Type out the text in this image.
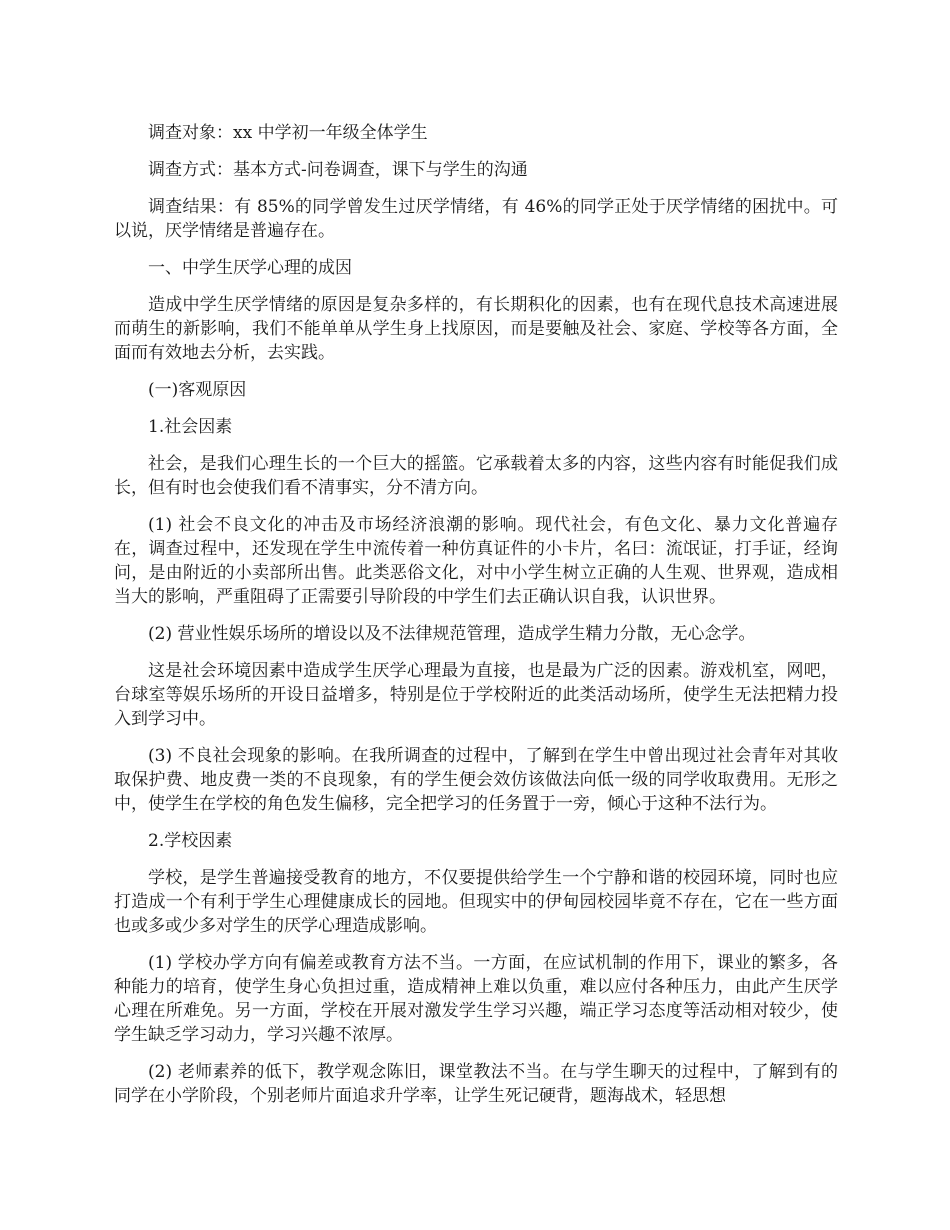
调查对象：xx 中学初一年级全体学生

调查方式：基本方式-问卷调查，课下与学生的沟通

调查结果：有 85%的同学曾发生过厌学情绪，有 46%的同学正处于厌学情绪的困扰中。可以说，厌学情绪是普遍存在。

一、中学生厌学心理的成因

造成中学生厌学情绪的原因是复杂多样的，有长期积化的因素，也有在现代息技术高速进展而萌生的新影响，我们不能单单从学生身上找原因，而是要触及社会、家庭、学校等各方面，全面而有效地去分析，去实践。

(一)客观原因

1.社会因素

社会，是我们心理生长的一个巨大的摇篮。它承载着太多的内容，这些内容有时能促我们成长，但有时也会使我们看不清事实，分不清方向。

(1) 社会不良文化的冲击及市场经济浪潮的影响。现代社会，有色文化、暴力文化普遍存在，调查过程中，还发现在学生中流传着一种仿真证件的小卡片，名曰：流氓证，打手证，经询问，是由附近的小卖部所出售。此类恶俗文化，对中小学生树立正确的人生观、世界观，造成相当大的影响，严重阻碍了正需要引导阶段的中学生们去正确认识自我，认识世界。

(2) 营业性娱乐场所的增设以及不法律规范管理，造成学生精力分散，无心念学。

这是社会环境因素中造成学生厌学心理最为直接，也是最为广泛的因素。游戏机室，网吧，台球室等娱乐场所的开设日益增多，特别是位于学校附近的此类活动场所，使学生无法把精力投入到学习中。

(3) 不良社会现象的影响。在我所调查的过程中，了解到在学生中曾出现过社会青年对其收取保护费、地皮费一类的不良现象，有的学生便会效仿该做法向低一级的同学收取费用。无形之中，使学生在学校的角色发生偏移，完全把学习的任务置于一旁，倾心于这种不法行为。

2.学校因素

学校，是学生普遍接受教育的地方，不仅要提供给学生一个宁静和谐的校园环境，同时也应打造成一个有利于学生心理健康成长的园地。但现实中的伊甸园校园毕竟不存在，它在一些方面也或多或少多对学生的厌学心理造成影响。

(1) 学校办学方向有偏差或教育方法不当。一方面，在应试机制的作用下，课业的繁多，各种能力的培育，使学生身心负担过重，造成精神上难以负重，难以应付各种压力，由此产生厌学心理在所难免。另一方面，学校在开展对激发学生学习兴趣，端正学习态度等活动相对较少，使学生缺乏学习动力，学习兴趣不浓厚。

(2) 老师素养的低下，教学观念陈旧，课堂教法不当。在与学生聊天的过程中，了解到有的同学在小学阶段，个别老师片面追求升学率，让学生死记硬背，题海战术，轻思想
